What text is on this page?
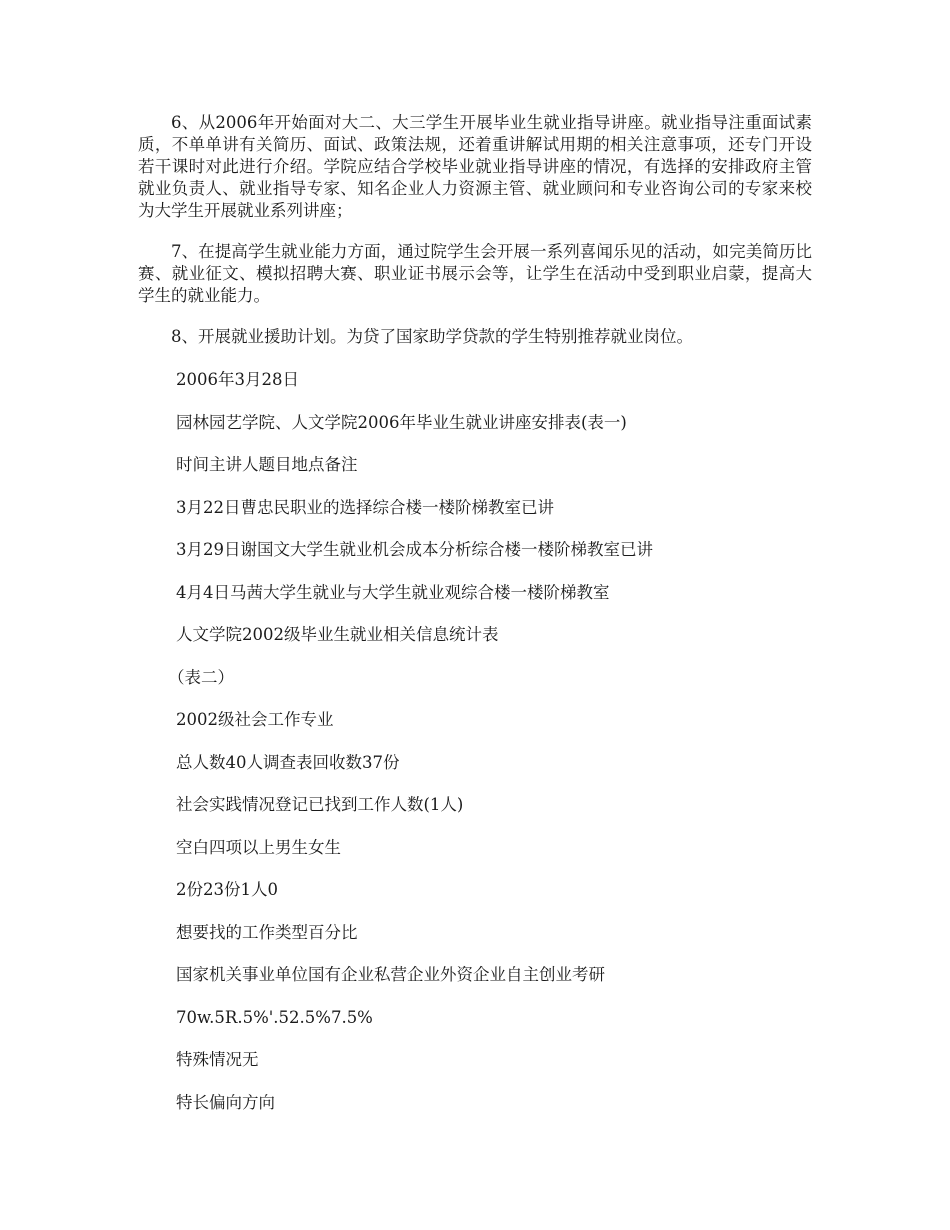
6、从2006年开始面对大二、大三学生开展毕业生就业指导讲座。就业指导注重面试素质，不单单讲有关简历、面试、政策法规，还着重讲解试用期的相关注意事项，还专门开设若干课时对此进行介绍。学院应结合学校毕业就业指导讲座的情况，有选择的安排政府主管就业负责人、就业指导专家、知名企业人力资源主管、就业顾问和专业咨询公司的专家来校为大学生开展就业系列讲座；

7、在提高学生就业能力方面，通过院学生会开展一系列喜闻乐见的活动，如完美简历比赛、就业征文、模拟招聘大赛、职业证书展示会等，让学生在活动中受到职业启蒙，提高大学生的就业能力。

8、开展就业援助计划。为贷了国家助学贷款的学生特别推荐就业岗位。

2006年3月28日
园林园艺学院、人文学院2006年毕业生就业讲座安排表(表一)
时间主讲人题目地点备注
3月22日曹忠民职业的选择综合楼一楼阶梯教室已讲
3月29日谢国文大学生就业机会成本分析综合楼一楼阶梯教室已讲
4月4日马茜大学生就业与大学生就业观综合楼一楼阶梯教室
人文学院2002级毕业生就业相关信息统计表
（表二）
2002级社会工作专业
总人数40人调查表回收数37份
社会实践情况登记已找到工作人数(1人)
空白四项以上男生女生
2份23份1人0
想要找的工作类型百分比
国家机关事业单位国有企业私营企业外资企业自主创业考研
70w.5R.5%'.52.5%7.5%
特殊情况无
特长偏向方向
